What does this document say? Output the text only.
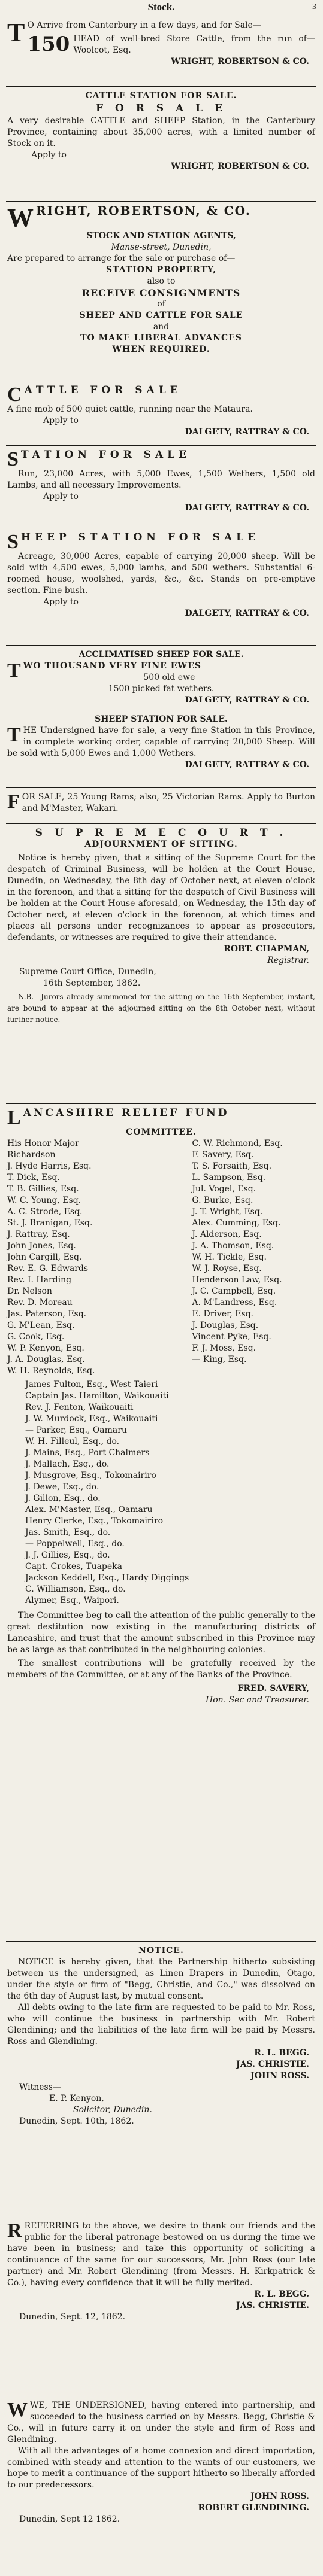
Stock.	3
T O Arrive from Canterbury in a few days, and for Sale—
150 HEAD of well-bred Store Cattle, from the run of— Woolcot, Esq.
WRIGHT, ROBERTSON & CO.
CATTLE STATION FOR SALE.
F O R S A L E
A very desirable CATTLE and SHEEP Station, in the Canterbury Province, containing about 35,000 acres, with a limited number of Stock on it.
Apply to
WRIGHT, ROBERTSON & CO.
WRIGHT, ROBERTSON, & CO.
STOCK AND STATION AGENTS,
Manse-street, Dunedin,
Are prepared to arrange for the sale or purchase of—
STATION PROPERTY,
also to
RECEIVE CONSIGNMENTS
of
SHEEP AND CATTLE FOR SALE
and
TO MAKE LIBERAL ADVANCES
WHEN REQUIRED.
CATTLE FOR SALE
A fine mob of 500 quiet cattle, running near the Mataura.
Apply to
DALGETY, RATTRAY & CO.
STATION FOR SALE
Run, 23,000 Acres, with 5,000 Ewes, 1,500 Wethers, 1,500 old Lambs, and all necessary Improvements.
Apply to
DALGETY, RATTRAY & CO.
SHEEP STATION FOR SALE
Acreage, 30,000 Acres, capable of carrying 20,000 sheep. Will be sold with 4,500 ewes, 5,000 lambs, and 500 wethers. Substantial 6-roomed house, woolshed, yards, &c., &c. Stands on pre-emptive section. Fine bush.
Apply to
DALGETY, RATTRAY & CO.
ACCLIMATISED SHEEP FOR SALE.
TWO THOUSAND VERY FINE EWES
500 old ewe
1500 picked fat wethers.
DALGETY, RATTRAY & CO.
SHEEP STATION FOR SALE.
THE Undersigned have for sale, a very fine Station in this Province, in complete working order, capable of carrying 20,000 Sheep. Will be sold with 5,000 Ewes and 1,000 Wethers.
DALGETY, RATTRAY & CO.
FOR SALE, 25 Young Rams; also, 25 Victorian Rams. Apply to Burton and M'Master, Wakari.
S U P R E M E C O U R T .
ADJOURNMENT OF SITTING.
Notice is hereby given, that a sitting of the Supreme Court for the despatch of Criminal Business, will be holden at the Court House, Dunedin, on Wednesday, the 8th day of October next, at eleven o'clock in the forenoon, and that a sitting for the despatch of Civil Business will be holden at the Court House aforesaid, on Wednesday, the 15th day of October next, at eleven o'clock in the forenoon, at which times and places all persons under recognizances to appear as prosecutors, defendants, or witnesses are required to give their attendance.
ROBT. CHAPMAN,
Registrar.
Supreme Court Office, Dunedin,
16th September, 1862.
N.B.—Jurors already summoned for the sitting on the 16th September, instant, are bound to appear at the adjourned sitting on the 8th October next, without further notice.
LANCASHIRE RELIEF FUND
COMMITTEE.
His Honor Major
Richardson
J. Hyde Harris, Esq.
T. Dick, Esq.
T. B. Gillies, Esq.
W. C. Young, Esq.
A. C. Strode, Esq.
St. J. Branigan, Esq.
J. Rattray, Esq.
John Jones, Esq.
John Cargill, Esq.
Rev. E. G. Edwards
Rev. I. Harding
Dr. Nelson
Rev. D. Moreau
Jas. Paterson, Esq.
G. M'Lean, Esq.
G. Cook, Esq.
W. P. Kenyon, Esq.
J. A. Douglas, Esq.
W. H. Reynolds, Esq.
C. W. Richmond, Esq.
F. Savery, Esq.
T. S. Forsaith, Esq.
L. Sampson, Esq.
Jul. Vogel, Esq.
G. Burke, Esq.
J. T. Wright, Esq.
Alex. Cumming, Esq.
J. Alderson, Esq.
J. A. Thomson, Esq.
W. H. Tickle, Esq.
W. J. Royse, Esq.
Henderson Law, Esq.
J. C. Campbell, Esq.
A. M'Landress, Esq.
E. Driver, Esq.
J. Douglas, Esq.
Vincent Pyke, Esq.
F. J. Moss, Esq.
— King, Esq.
James Fulton, Esq., West Taieri
Captain Jas. Hamilton, Waikouaiti
Rev. J. Fenton, Waikouaiti
J. W. Murdock, Esq., Waikouaiti
— Parker, Esq., Oamaru
W. H. Filleul, Esq., do.
J. Mains, Esq., Port Chalmers
J. Mallach, Esq., do.
J. Musgrove, Esq., Tokomairiro
J. Dewe, Esq., do.
J. Gillon, Esq., do.
Alex. M'Master, Esq., Oamaru
Henry Clerke, Esq., Tokomairiro
Jas. Smith, Esq., do.
— Poppelwell, Esq., do.
J. J. Gillies, Esq., do.
Capt. Crokes, Tuapeka
Jackson Keddell, Esq., Hardy Diggings
C. Williamson, Esq., do.
Alymer, Esq., Waipori.
The Committee beg to call the attention of the public generally to the great destitution now existing in the manufacturing districts of Lancashire, and trust that the amount subscribed in this Province may be as large as that contributed in the neighbouring colonies.
The smallest contributions will be gratefully received by the members of the Committee, or at any of the Banks of the Province.
FRED. SAVERY,
Hon. Sec and Treasurer.
NOTICE.
NOTICE is hereby given, that the Partnership hitherto subsisting between us the undersigned, as Linen Drapers in Dunedin, Otago, under the style or firm of "Begg, Christie, and Co.," was dissolved on the 6th day of August last, by mutual consent.
All debts owing to the late firm are requested to be paid to Mr. Ross, who will continue the business in partnership with Mr. Robert Glendining; and the liabilities of the late firm will be paid by Messrs. Ross and Glendining.
R. L. BEGG.
JAS. CHRISTIE.
JOHN ROSS.
Witness—
E. P. Kenyon,
Solicitor, Dunedin.
Dunedin, Sept. 10th, 1862.
RREFERRING to the above, we desire to thank our friends and the public for the liberal patronage bestowed on us during the time we have been in business; and take this opportunity of soliciting a continuance of the same for our successors, Mr. John Ross (our late partner) and Mr. Robert Glendining (from Messrs. H. Kirkpatrick & Co.), having every confidence that it will be fully merited.
R. L. BEGG.
JAS. CHRISTIE.
Dunedin, Sept. 12, 1862.
WWE, THE UNDERSIGNED, having entered into partnership, and succeeded to the business carried on by Messrs. Begg, Christie & Co., will in future carry it on under the style and firm of Ross and Glendining.
With all the advantages of a home connexion and direct importation, combined with steady and attention to the wants of our customers, we hope to merit a continuance of the support hitherto so liberally afforded to our predecessors.
JOHN ROSS.
ROBERT GLENDINING.
Dunedin, Sept 12 1862.
